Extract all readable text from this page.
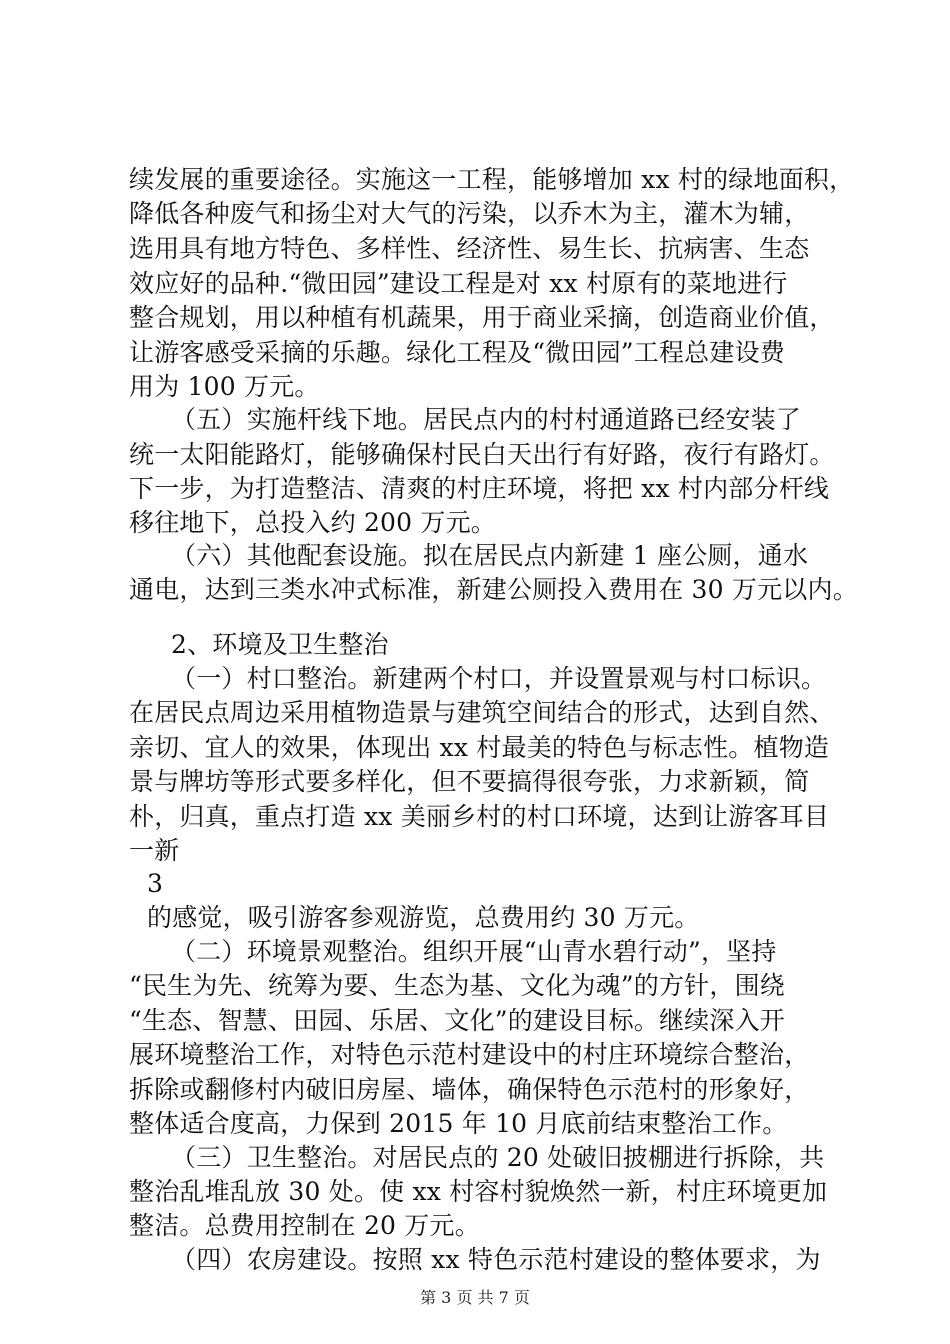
续发展的重要途径。实施这一工程，能够增加 xx 村的绿地面积，

降低各种废气和扬尘对大气的污染，以乔木为主，灌木为辅，

选用具有地方特色、多样性、经济性、易生长、抗病害、生态

效应好的品种.“微田园”建设工程是对 xx 村原有的菜地进行

整合规划，用以种植有机蔬果，用于商业采摘，创造商业价值，

让游客感受采摘的乐趣。绿化工程及“微田园”工程总建设费

用为 100 万元。

（五）实施杆线下地。居民点内的村村通道路已经安装了

统一太阳能路灯，能够确保村民白天出行有好路，夜行有路灯。

下一步，为打造整洁、清爽的村庄环境，将把 xx 村内部分杆线

移往地下，总投入约 200 万元。

（六）其他配套设施。拟在居民点内新建 1 座公厕，通水

通电，达到三类水冲式标准，新建公厕投入费用在 30 万元以内。

2、环境及卫生整治

（一）村口整治。新建两个村口，并设置景观与村口标识。

在居民点周边采用植物造景与建筑空间结合的形式，达到自然、

亲切、宜人的效果，体现出 xx 村最美的特色与标志性。植物造

景与牌坊等形式要多样化，但不要搞得很夸张，力求新颖，简

朴，归真，重点打造 xx 美丽乡村的村口环境，达到让游客耳目

一新

3

的感觉，吸引游客参观游览，总费用约 30 万元。

（二）环境景观整治。组织开展“山青水碧行动”，坚持

“民生为先、统筹为要、生态为基、文化为魂”的方针，围绕

“生态、智慧、田园、乐居、文化”的建设目标。继续深入开

展环境整治工作，对特色示范村建设中的村庄环境综合整治，

拆除或翻修村内破旧房屋、墙体，确保特色示范村的形象好，

整体适合度高，力保到 2015 年 10 月底前结束整治工作。

（三）卫生整治。对居民点的 20 处破旧披棚进行拆除，共

整治乱堆乱放 30 处。使 xx 村容村貌焕然一新，村庄环境更加

整洁。总费用控制在 20 万元。

（四）农房建设。按照 xx 特色示范村建设的整体要求，为

第 3 页 共 7 页
